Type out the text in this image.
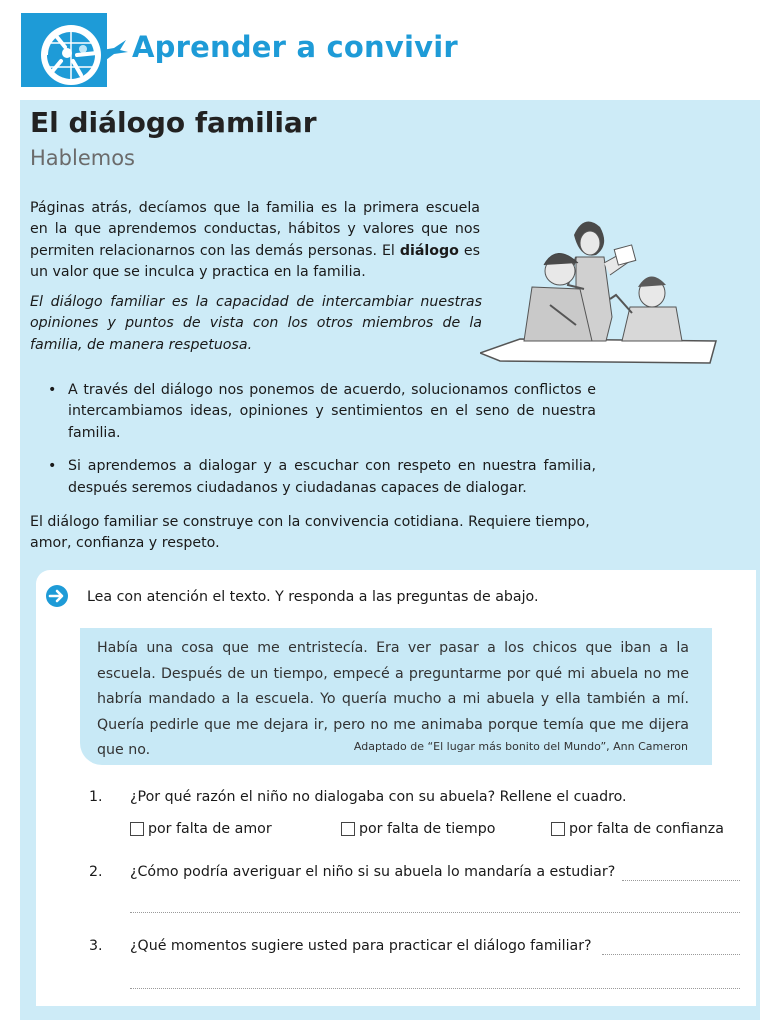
Aprender a convivir
El diálogo familiar
Hablemos
Páginas atrás, decíamos que la familia es la primera escuela en la que aprendemos conductas, hábitos y valores que nos permiten relacionarnos con las demás personas. El diálogo es un valor que se inculca y practica en la familia.
El diálogo familiar es la capacidad de intercambiar nuestras opiniones y puntos de vista con los otros miembros de la familia, de manera respetuosa.
• A través del diálogo nos ponemos de acuerdo, solucionamos conflictos e intercambiamos ideas, opiniones y sentimientos en el seno de nuestra familia.
• Si aprendemos a dialogar y a escuchar con respeto en nuestra familia, después seremos ciudadanos y ciudadanas capaces de dialogar.
El diálogo familiar se construye con la convivencia cotidiana. Requiere tiempo, amor, confianza y respeto.
Lea con atención el texto. Y responda a las preguntas de abajo.
Había una cosa que me entristecía. Era ver pasar a los chicos que iban a la escuela. Después de un tiempo, empecé a preguntarme por qué mi abuela no me habría mandado a la escuela. Yo quería mucho a mi abuela y ella también a mí. Quería pedirle que me dejara ir, pero no me animaba porque temía que me dijera que no.	Adaptado de “El lugar más bonito del Mundo”, Ann Cameron
1. ¿Por qué razón el niño no dialogaba con su abuela? Rellene el cuadro.
por falta de amor	por falta de tiempo	por falta de confianza
2. ¿Cómo podría averiguar el niño si su abuela lo mandaría a estudiar?
3. ¿Qué momentos sugiere usted para practicar el diálogo familiar?
